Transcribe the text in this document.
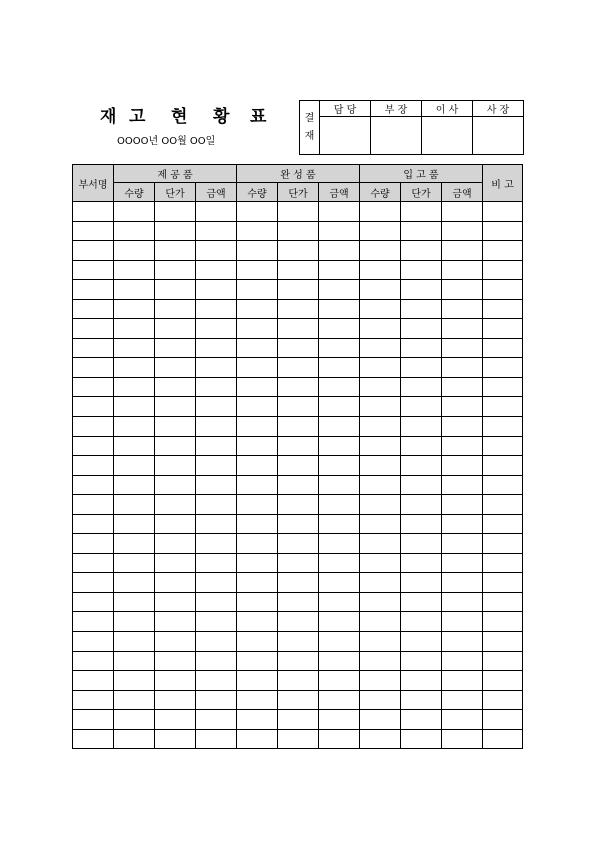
재 고 현 황 표
OOOO년 OO월 OO일
결
재	담 당	부 장	이 사	사 장

부서명	제 공 품			완 성 품			입 고 품			비 고
	수량	단가	금액	수량	단가	금액	수량	단가	금액	
